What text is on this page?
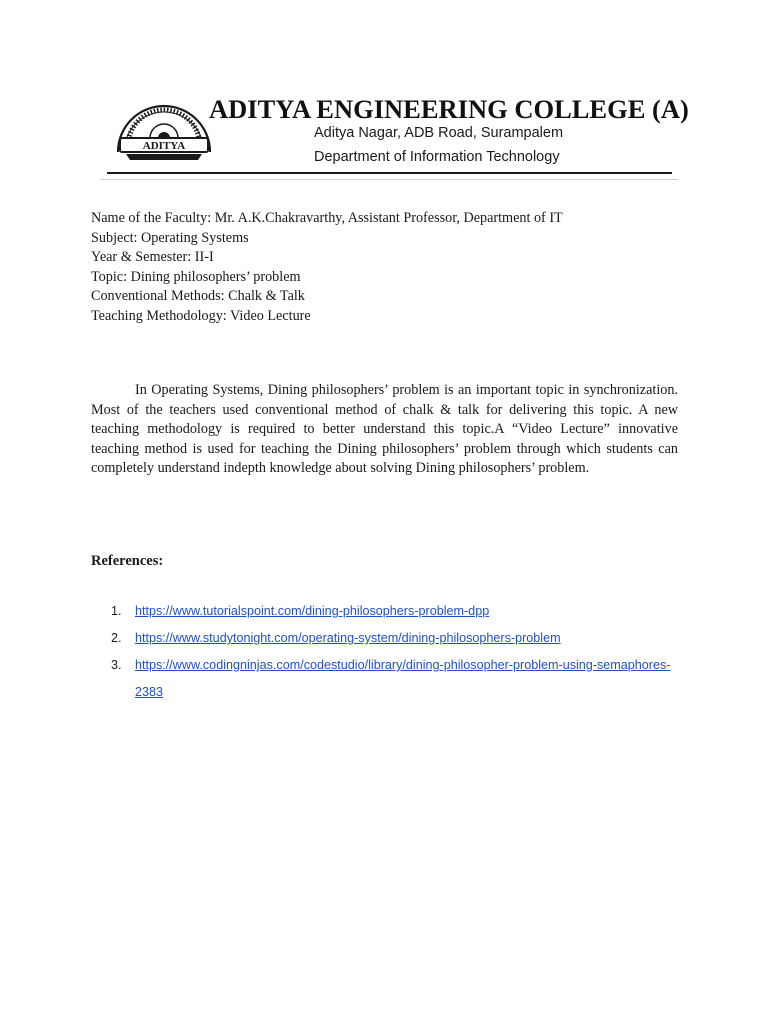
ADITYA
ADITYA ENGINEERING COLLEGE (A)
Aditya Nagar, ADB Road, Surampalem
Department of Information Technology
Name of the Faculty: Mr. A.K.Chakravarthy, Assistant Professor, Department of IT
Subject: Operating Systems
Year & Semester: II-I
Topic: Dining philosophers’ problem
Conventional Methods: Chalk & Talk
Teaching Methodology: Video Lecture
In Operating Systems, Dining philosophers’ problem is an important topic in synchronization. Most of the teachers used conventional method of chalk & talk for delivering this topic. A new teaching methodology is required to better understand this topic.A “Video Lecture” innovative teaching method is used for teaching the Dining philosophers’ problem through which students can completely understand indepth knowledge about solving Dining philosophers’ problem.
References:
1. https://www.tutorialspoint.com/dining-philosophers-problem-dpp
2. https://www.studytonight.com/operating-system/dining-philosophers-problem
3. https://www.codingninjas.com/codestudio/library/dining-philosopher-problem-using-semaphores-2383
